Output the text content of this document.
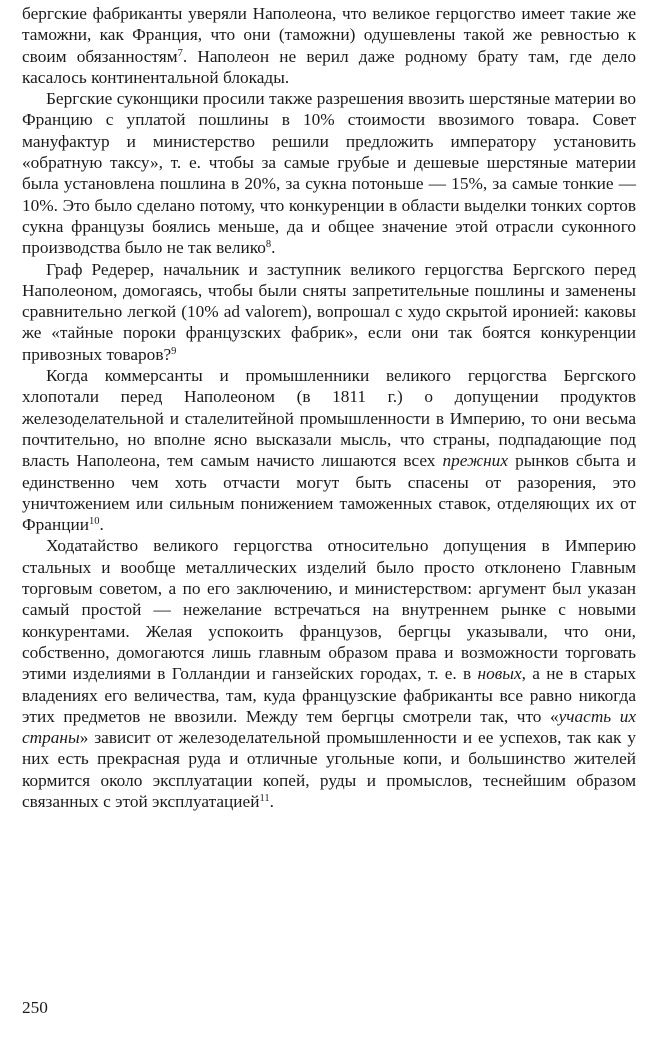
бергские фабриканты уверяли Наполеона, что великое герцогство имеет такие же таможни, как Франция, что они (таможни) одушевлены такой же ревностью к своим обязанностям$^7$. Наполеон не верил даже родному брату там, где дело касалось континентальной блокады.

Бергские суконщики просили также разрешения ввозить шерстяные материи во Францию с уплатой пошлины в 10% стоимости ввозимого товара. Совет мануфактур и министерство решили предложить императору установить «обратную таксу», т. е. чтобы за самые грубые и дешевые шерстяные материи была установлена пошлина в 20%, за сукна потоньше — 15%, за самые тонкие — 10%. Это было сделано потому, что конкуренции в области выделки тонких сортов сукна французы боялись меньше, да и общее значение этой отрасли суконного производства было не так велико$^8$.

Граф Редерер, начальник и заступник великого герцогства Бергского перед Наполеоном, домогаясь, чтобы были сняты запретительные пошлины и заменены сравнительно легкой (10% ad valorem), вопрошал с худо скрытой иронией: каковы же «тайные пороки французских фабрик», если они так боятся конкуренции привозных товаров?$^9$

Когда коммерсанты и промышленники великого герцогства Бергского хлопотали перед Наполеоном (в 1811 г.) о допущении продуктов железоделательной и сталелитейной промышленности в Империю, то они весьма почтительно, но вполне ясно высказали мысль, что страны, подпадающие под власть Наполеона, тем самым начисто лишаются всех прежних рынков сбыта и единственно чем хоть отчасти могут быть спасены от разорения, это уничтожением или сильным понижением таможенных ставок, отделяющих их от Франции$^{10}$.

Ходатайство великого герцогства относительно допущения в Империю стальных и вообще металлических изделий было просто отклонено Главным торговым советом, а по его заключению, и министерством: аргумент был указан самый простой — нежелание встречаться на внутреннем рынке с новыми конкурентами. Желая успокоить французов, бергцы указывали, что они, собственно, домогаются лишь главным образом права и возможности торговать этими изделиями в Голландии и ганзейских городах, т. е. в новых, а не в старых владениях его величества, там, куда французские фабриканты все равно никогда этих предметов не ввозили. Между тем бергцы смотрели так, что «участь их страны» зависит от железоделательной промышленности и ее успехов, так как у них есть прекрасная руда и отличные угольные копи, и большинство жителей кормится около эксплуатации копей, руды и промыслов, теснейшим образом связанных с этой эксплуатацией$^{11}$.

250
